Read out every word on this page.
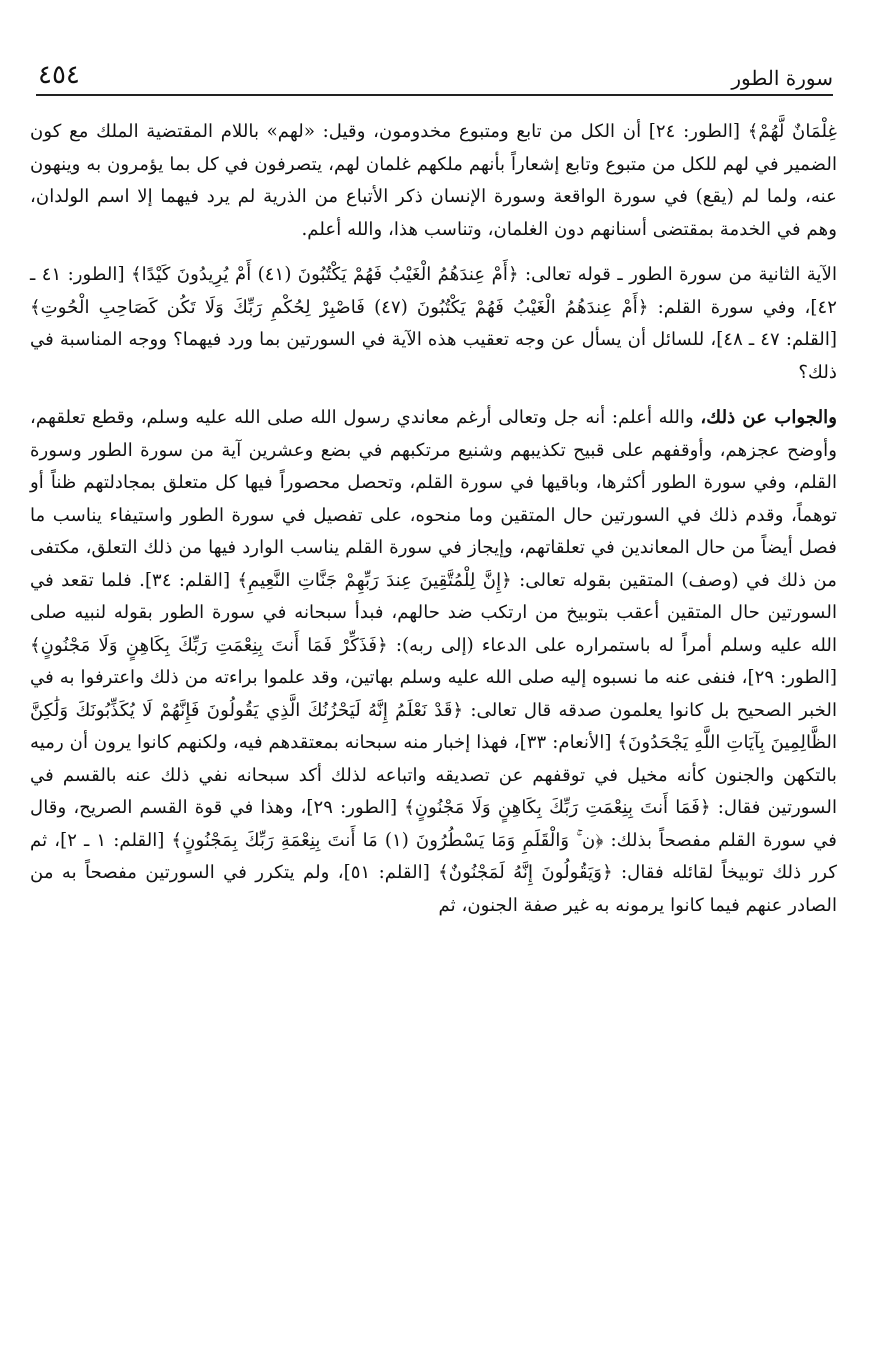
٤٥٤	سورة الطور

غِلْمَانٌ لَّهُمْ﴾ [الطور: ٢٤] أن الكل من تابع ومتبوع مخدومون، وقيل: «لهم» باللام المقتضية الملك مع كون الضمير في لهم للكل من متبوع وتابع إشعاراً بأنهم ملكهم غلمان لهم، يتصرفون في كل بما يؤمرون به وينهون عنه، ولما لم (يقع) في سورة الواقعة وسورة الإنسان ذكر الأتباع من الذرية لم يرد فيهما إلا اسم الولدان، وهم في الخدمة بمقتضى أسنانهم دون الغلمان، وتناسب هذا، والله أعلم.

الآية الثانية من سورة الطور ـ قوله تعالى: ﴿أَمْ عِندَهُمُ الْغَيْبُ فَهُمْ يَكْتُبُونَ (٤١) أَمْ يُرِيدُونَ كَيْدًا﴾ [الطور: ٤١ ـ ٤٢]، وفي سورة القلم: ﴿أَمْ عِندَهُمُ الْغَيْبُ فَهُمْ يَكْتُبُونَ (٤٧) فَاصْبِرْ لِحُكْمِ رَبِّكَ وَلَا تَكُن كَصَاحِبِ الْحُوتِ﴾ [القلم: ٤٧ ـ ٤٨]، للسائل أن يسأل عن وجه تعقيب هذه الآية في السورتين بما ورد فيهما؟ ووجه المناسبة في ذلك؟

والجواب عن ذلك، والله أعلم: أنه جل وتعالى أرغم معاندي رسول الله صلى الله عليه وسلم، وقطع تعلقهم، وأوضح عجزهم، وأوقفهم على قبيح تكذيبهم وشنيع مرتكبهم في بضع وعشرين آية من سورة الطور وسورة القلم، وفي سورة الطور أكثرها، وباقيها في سورة القلم، وتحصل محصوراً فيها كل متعلق بمجادلتهم ظناً أو توهماً، وقدم ذلك في السورتين حال المتقين وما منحوه، على تفصيل في سورة الطور واستيفاء يناسب ما فصل أيضاً من حال المعاندين في تعلقاتهم، وإيجاز في سورة القلم يناسب الوارد فيها من ذلك التعلق، مكتفى من ذلك في (وصف) المتقين بقوله تعالى: ﴿إِنَّ لِلْمُتَّقِينَ عِندَ رَبِّهِمْ جَنَّاتِ النَّعِيمِ﴾ [القلم: ٣٤]. فلما تقعد في السورتين حال المتقين أعقب بتوبيخ من ارتكب ضد حالهم، فبدأ سبحانه في سورة الطور بقوله لنبيه صلى الله عليه وسلم أمراً له باستمراره على الدعاء (إلى ربه): ﴿فَذَكِّرْ فَمَا أَنتَ بِنِعْمَتِ رَبِّكَ بِكَاهِنٍ وَلَا مَجْنُونٍ﴾ [الطور: ٢٩]، فنفى عنه ما نسبوه إليه صلى الله عليه وسلم بهاتين، وقد علموا براءته من ذلك واعترفوا به في الخبر الصحيح بل كانوا يعلمون صدقه قال تعالى: ﴿قَدْ نَعْلَمُ إِنَّهُ لَيَحْزُنُكَ الَّذِي يَقُولُونَ فَإِنَّهُمْ لَا يُكَذِّبُونَكَ وَلَٰكِنَّ الظَّالِمِينَ بِآيَاتِ اللَّهِ يَجْحَدُونَ﴾ [الأنعام: ٣٣]، فهذا إخبار منه سبحانه بمعتقدهم فيه، ولكنهم كانوا يرون أن رميه بالتكهن والجنون كأنه مخيل في توقفهم عن تصديقه واتباعه لذلك أكد سبحانه نفي ذلك عنه بالقسم في السورتين فقال: ﴿فَمَا أَنتَ بِنِعْمَتِ رَبِّكَ بِكَاهِنٍ وَلَا مَجْنُونٍ﴾ [الطور: ٢٩]، وهذا في قوة القسم الصريح، وقال في سورة القلم مفصحاً بذلك: ﴿ن ۚ وَالْقَلَمِ وَمَا يَسْطُرُونَ (١) مَا أَنتَ بِنِعْمَةِ رَبِّكَ بِمَجْنُونٍ﴾ [القلم: ١ ـ ٢]، ثم كرر ذلك توبيخاً لقائله فقال: ﴿وَيَقُولُونَ إِنَّهُ لَمَجْنُونٌ﴾ [القلم: ٥١]، ولم يتكرر في السورتين مفصحاً به من الصادر عنهم فيما كانوا يرمونه به غير صفة الجنون، ثم
